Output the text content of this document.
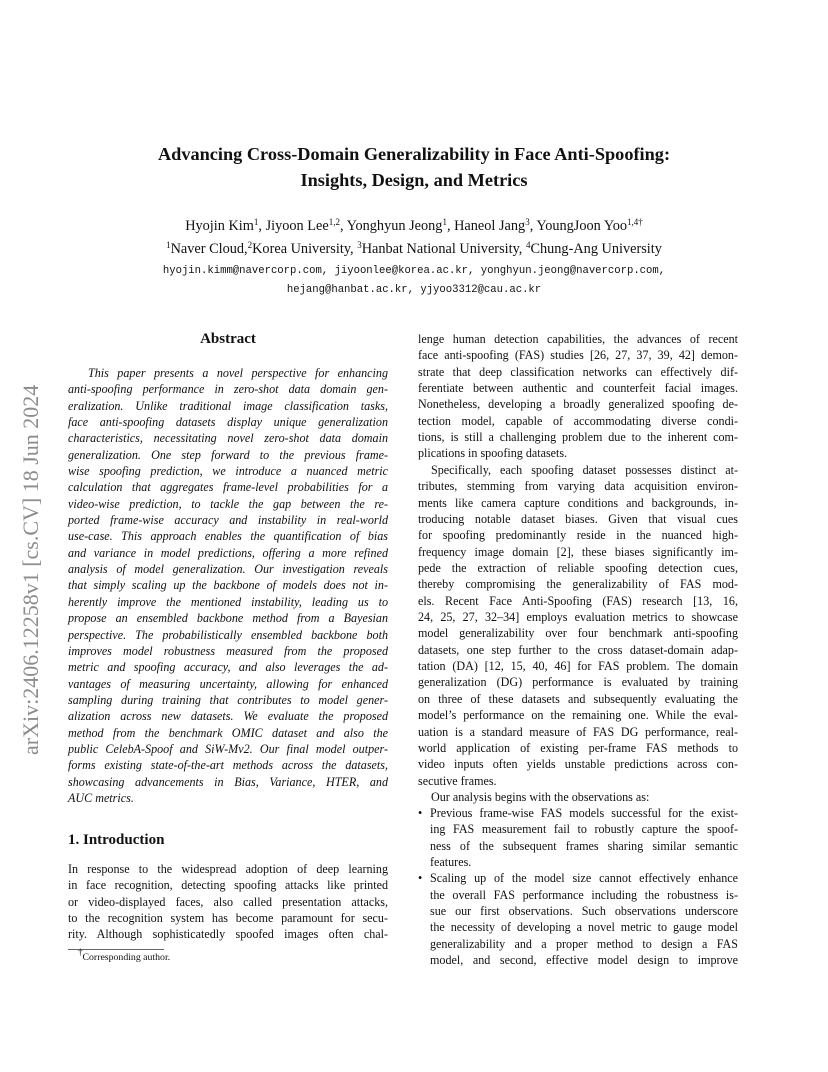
arXiv:2406.12258v1 [cs.CV] 18 Jun 2024
Advancing Cross-Domain Generalizability in Face Anti-Spoofing:
Insights, Design, and Metrics
Hyojin Kim$^1$, Jiyoon Lee$^{1,2}$, Yonghyun Jeong$^1$, Haneol Jang$^3$, YoungJoon Yoo$^{1,4\dagger}$
$^1$Naver Cloud,$^2$Korea University, $^3$Hanbat National University, $^4$Chung-Ang University
hyojin.kimm@navercorp.com, jiyoonlee@korea.ac.kr, yonghyun.jeong@navercorp.com,
hejang@hanbat.ac.kr, yjyoo3312@cau.ac.kr
Abstract
This paper presents a novel perspective for enhancing
anti-spoofing performance in zero-shot data domain gen-
eralization. Unlike traditional image classification tasks,
face anti-spoofing datasets display unique generalization
characteristics, necessitating novel zero-shot data domain
generalization. One step forward to the previous frame-
wise spoofing prediction, we introduce a nuanced metric
calculation that aggregates frame-level probabilities for a
video-wise prediction, to tackle the gap between the re-
ported frame-wise accuracy and instability in real-world
use-case. This approach enables the quantification of bias
and variance in model predictions, offering a more refined
analysis of model generalization. Our investigation reveals
that simply scaling up the backbone of models does not in-
herently improve the mentioned instability, leading us to
propose an ensembled backbone method from a Bayesian
perspective. The probabilistically ensembled backbone both
improves model robustness measured from the proposed
metric and spoofing accuracy, and also leverages the ad-
vantages of measuring uncertainty, allowing for enhanced
sampling during training that contributes to model gener-
alization across new datasets. We evaluate the proposed
method from the benchmark OMIC dataset and also the
public CelebA-Spoof and SiW-Mv2. Our final model outper-
forms existing state-of-the-art methods across the datasets,
showcasing advancements in Bias, Variance, HTER, and
AUC metrics.
1. Introduction
In response to the widespread adoption of deep learning
in face recognition, detecting spoofing attacks like printed
or video-displayed faces, also called presentation attacks,
to the recognition system has become paramount for secu-
rity. Although sophisticatedly spoofed images often chal-
†Corresponding author.
lenge human detection capabilities, the advances of recent
face anti-spoofing (FAS) studies [26, 27, 37, 39, 42] demon-
strate that deep classification networks can effectively dif-
ferentiate between authentic and counterfeit facial images.
Nonetheless, developing a broadly generalized spoofing de-
tection model, capable of accommodating diverse condi-
tions, is still a challenging problem due to the inherent com-
plications in spoofing datasets.
Specifically, each spoofing dataset possesses distinct at-
tributes, stemming from varying data acquisition environ-
ments like camera capture conditions and backgrounds, in-
troducing notable dataset biases. Given that visual cues
for spoofing predominantly reside in the nuanced high-
frequency image domain [2], these biases significantly im-
pede the extraction of reliable spoofing detection cues,
thereby compromising the generalizability of FAS mod-
els. Recent Face Anti-Spoofing (FAS) research [13, 16,
24, 25, 27, 32–34] employs evaluation metrics to showcase
model generalizability over four benchmark anti-spoofing
datasets, one step further to the cross dataset-domain adap-
tation (DA) [12, 15, 40, 46] for FAS problem. The domain
generalization (DG) performance is evaluated by training
on three of these datasets and subsequently evaluating the
model’s performance on the remaining one. While the eval-
uation is a standard measure of FAS DG performance, real-
world application of existing per-frame FAS methods to
video inputs often yields unstable predictions across con-
secutive frames.
Our analysis begins with the observations as:
• Previous frame-wise FAS models successful for the exist-
ing FAS measurement fail to robustly capture the spoof-
ness of the subsequent frames sharing similar semantic
features.
• Scaling up of the model size cannot effectively enhance
the overall FAS performance including the robustness is-
sue our first observations. Such observations underscore
the necessity of developing a novel metric to gauge model
generalizability and a proper method to design a FAS
model, and second, effective model design to improve
